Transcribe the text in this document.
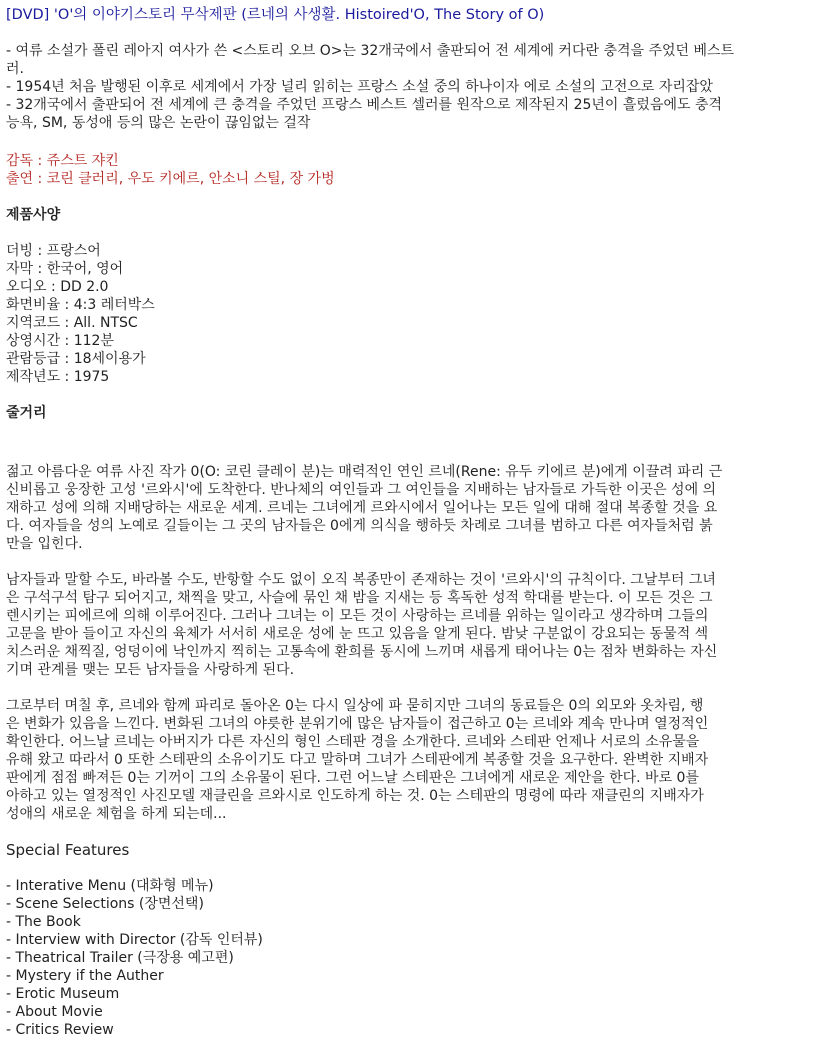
[DVD] 'O'의 이야기스토리 무삭제판 (르네의 사생활. Histoired'O, The Story of O)
- 여류 소설가 폴린 레아지 여사가 쓴 <스토리 오브 O>는 32개국에서 출판되어 전 세계에 커다란 충격을 주었던 베스트
러.
- 1954년 처음 발행된 이후로 세계에서 가장 널리 읽히는 프랑스 소설 중의 하나이자 에로 소설의 고전으로 자리잡았
- 32개국에서 출판되어 전 세계에 큰 충격을 주었던 프랑스 베스트 셀러를 원작으로 제작된지 25년이 흘렀음에도 충격
능욕, SM, 동성애 등의 많은 논란이 끊임없는 걸작
감독 : 쥬스트 쟈킨
출연 : 코린 클러리, 우도 키에르, 안소니 스틸, 장 가벙
제품사양
더빙 : 프랑스어
자막 : 한국어, 영어
오디오 : DD 2.0
화면비율 : 4:3 레터박스
지역코드 : All. NTSC
상영시간 : 112분
관람등급 : 18세이용가
제작년도 : 1975
줄거리
젊고 아름다운 여류 사진 작가 0(O: 코린 클레이 분)는 매력적인 연인 르네(Rene: 유두 키에르 분)에게 이끌려 파리 근
신비롭고 웅장한 고성 '르와시'에 도착한다. 반나체의 여인들과 그 여인들을 지배하는 남자들로 가득한 이곳은 성에 의
재하고 성에 의해 지배당하는 새로운 세계. 르네는 그녀에게 르와시에서 일어나는 모든 일에 대해 절대 복종할 것을 요
다. 여자들을 성의 노예로 길들이는 그 곳의 남자들은 0에게 의식을 행하듯 차례로 그녀를 범하고 다른 여자들처럼 붉
만을 입힌다.
남자들과 말할 수도, 바라볼 수도, 반항할 수도 없이 오직 복종만이 존재하는 것이 '르와시'의 규칙이다. 그날부터 그녀
은 구석구석 탐구 되어지고, 채찍을 맞고, 사슬에 묶인 채 밤을 지새는 등 혹독한 성적 학대를 받는다. 이 모든 것은 그
렌시키는 피에르에 의해 이루어진다. 그러나 그녀는 이 모든 것이 사랑하는 르네를 위하는 일이라고 생각하며 그들의
고문을 받아 들이고 자신의 육체가 서서히 새로운 성에 눈 뜨고 있음을 알게 된다. 밤낮 구분없이 강요되는 동물적 섹
치스러운 채찍질, 엉덩이에 낙인까지 찍히는 고통속에 환희를 동시에 느끼며 새롭게 태어나는 0는 점차 변화하는 자신
기며 관계를 맺는 모든 남자들을 사랑하게 된다.
그로부터 며칠 후, 르네와 함께 파리로 돌아온 0는 다시 일상에 파 묻히지만 그녀의 동료들은 0의 외모와 옷차림, 행
은 변화가 있음을 느낀다. 변화된 그녀의 야릇한 분위기에 많은 남자들이 접근하고 0는 르네와 계속 만나며 열정적인
확인한다. 어느날 르네는 아버지가 다른 자신의 형인 스테판 경을 소개한다. 르네와 스테판 언제나 서로의 소유물을
유해 왔고 따라서 0 또한 스테판의 소유이기도 다고 말하며 그녀가 스테판에게 복종할 것을 요구한다. 완벽한 지배자
판에게 점점 빠져든 0는 기꺼이 그의 소유물이 된다. 그런 어느날 스테판은 그녀에게 새로운 제안을 한다. 바로 0를
아하고 있는 열정적인 사진모델 재클린을 르와시로 인도하게 하는 것. 0는 스테판의 명령에 따라 재클린의 지배자가
성애의 새로운 체험을 하게 되는데...
Special Features
- Interative Menu (대화형 메뉴)
- Scene Selections (장면선택)
- The Book
- Interview with Director (감독 인터뷰)
- Theatrical Trailer (극장용 예고편)
- Mystery if the Auther
- Erotic Museum
- About Movie
- Critics Review
